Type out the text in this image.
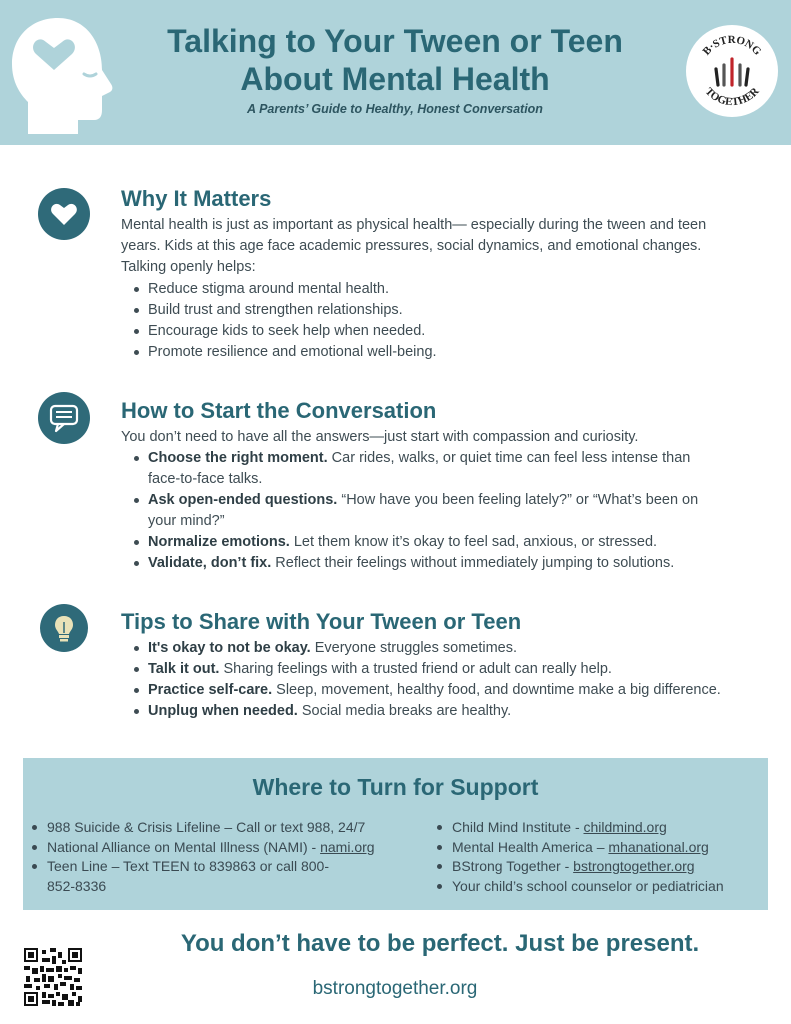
Talking to Your Tween or Teen
About Mental Health
A Parents’ Guide to Healthy, Honest Conversation
B·STRONG
TOGETHER
Why It Matters
Mental health is just as important as physical health— especially during the tween and teen years. Kids at this age face academic pressures, social dynamics, and emotional changes. Talking openly helps:
Reduce stigma around mental health.
Build trust and strengthen relationships.
Encourage kids to seek help when needed.
Promote resilience and emotional well-being.
How to Start the Conversation
You don’t need to have all the answers—just start with compassion and curiosity.
Choose the right moment. Car rides, walks, or quiet time can feel less intense than face-to-face talks.
Ask open-ended questions. “How have you been feeling lately?” or “What’s been on your mind?”
Normalize emotions. Let them know it’s okay to feel sad, anxious, or stressed.
Validate, don’t fix. Reflect their feelings without immediately jumping to solutions.
Tips to Share with Your Tween or Teen
It's okay to not be okay. Everyone struggles sometimes.
Talk it out. Sharing feelings with a trusted friend or adult can really help.
Practice self-care. Sleep, movement, healthy food, and downtime make a big difference.
Unplug when needed. Social media breaks are healthy.
Where to Turn for Support
988 Suicide & Crisis Lifeline – Call or text 988, 24/7
National Alliance on Mental Illness (NAMI) - nami.org
Teen Line – Text TEEN to 839863 or call 800-852-8336
Child Mind Institute - childmind.org
Mental Health America – mhanational.org
BStrong Together - bstrongtogether.org
Your child’s school counselor or pediatrician
You don’t have to be perfect. Just be present.
bstrongtogether.org
